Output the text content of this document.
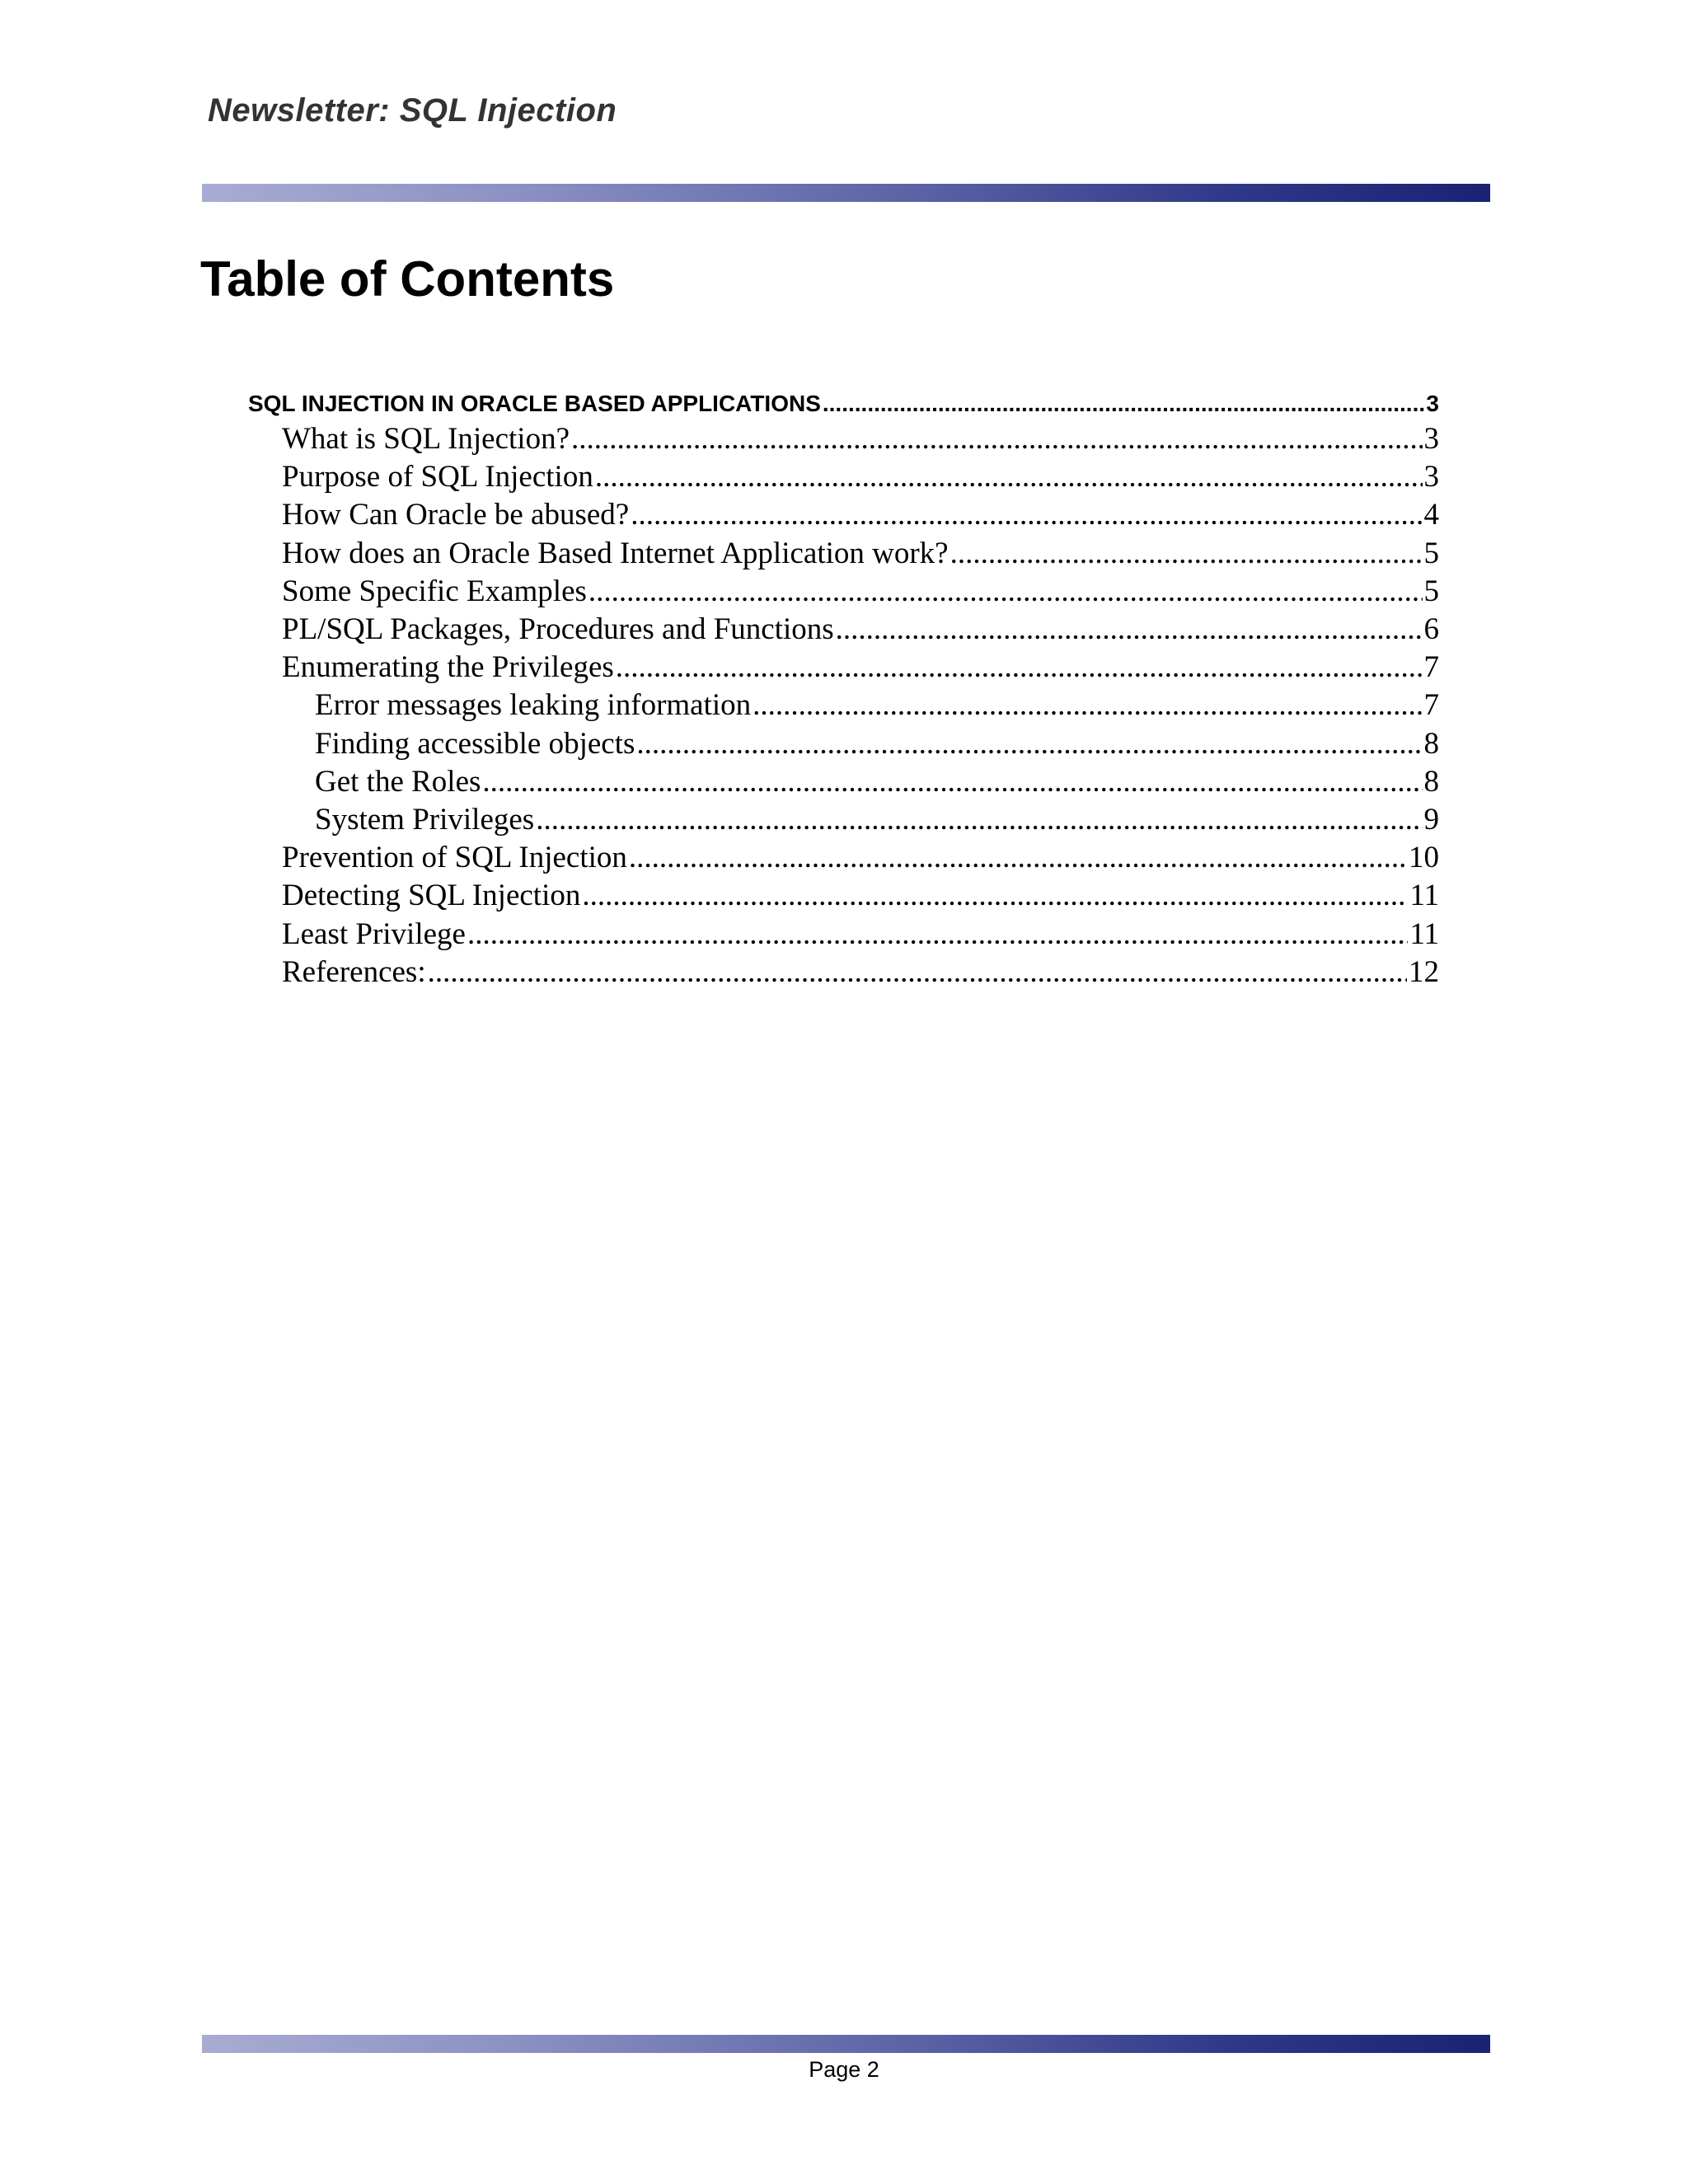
Newsletter: SQL Injection
Table of Contents
SQL INJECTION IN ORACLE BASED APPLICATIONS .....	3
What is SQL Injection? .....	3
Purpose of SQL Injection .....	3
How Can Oracle be abused? .....	4
How does an Oracle Based Internet Application work? .....	5
Some Specific Examples .....	5
PL/SQL Packages, Procedures and Functions .....	6
Enumerating the Privileges .....	7
Error messages leaking information .....	7
Finding accessible objects .....	8
Get the Roles .....	8
System Privileges .....	9
Prevention of SQL Injection .....	10
Detecting SQL Injection .....	11
Least Privilege .....	11
References: .....	12
Page 2
